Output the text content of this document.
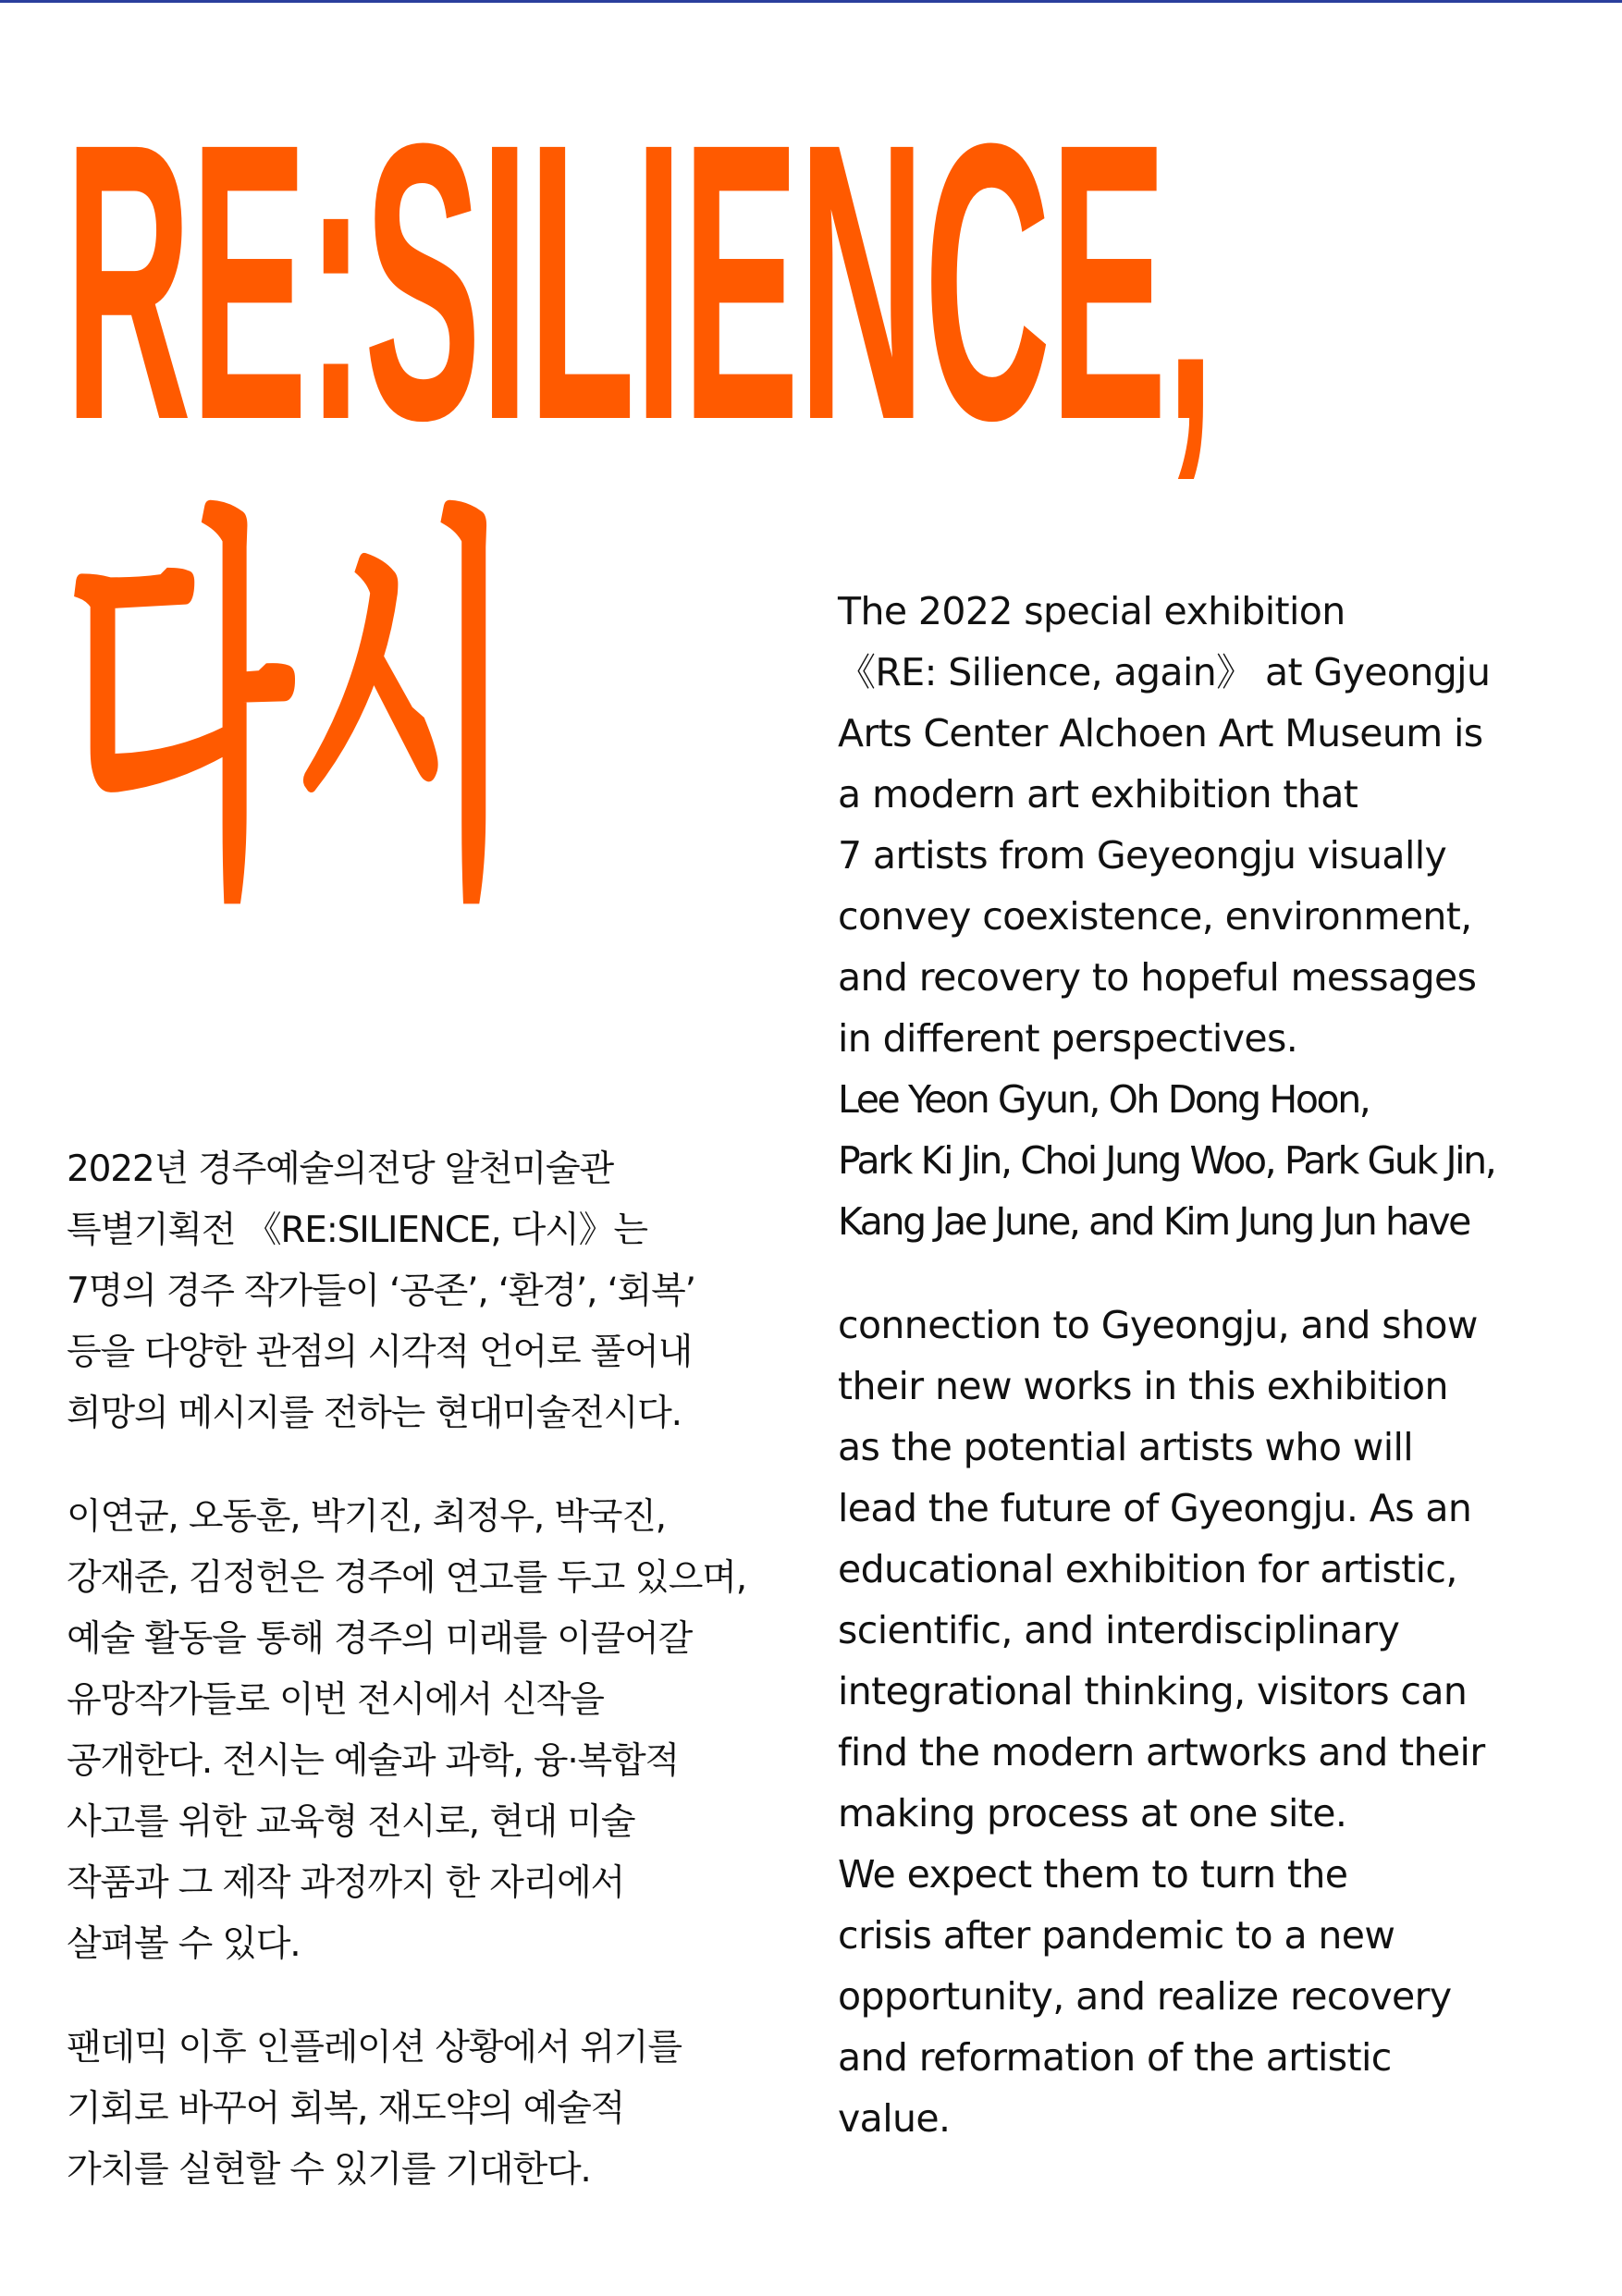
RE:SILIENCE,
다시

2022년 경주예술의전당 알천미술관
특별기획전 《RE:SILIENCE, 다시》는
7명의 경주 작가들이 ‘공존’, ‘환경’, ‘회복’
등을 다양한 관점의 시각적 언어로 풀어내
희망의 메시지를 전하는 현대미술전시다.

이연균, 오동훈, 박기진, 최정우, 박국진,
강재준, 김정헌은 경주에 연고를 두고 있으며,
예술 활동을 통해 경주의 미래를 이끌어갈
유망작가들로 이번 전시에서 신작을
공개한다. 전시는 예술과 과학, 융·복합적
사고를 위한 교육형 전시로, 현대 미술
작품과 그 제작 과정까지 한 자리에서
살펴볼 수 있다.

팬데믹 이후 인플레이션 상황에서 위기를
기회로 바꾸어 회복, 재도약의 예술적
가치를 실현할 수 있기를 기대한다.

The 2022 special exhibition
《RE: Silience, again》 at Gyeongju
Arts Center Alchoen Art Museum is
a modern art exhibition that
7 artists from Geyeongju visually
convey coexistence, environment,
and recovery to hopeful messages
in different perspectives.

Lee Yeon Gyun, Oh Dong Hoon,
Park Ki Jin, Choi Jung Woo, Park Guk Jin,
Kang Jae June, and Kim Jung Jun have

connection to Gyeongju, and show
their new works in this exhibition
as the potential artists who will
lead the future of Gyeongju. As an
educational exhibition for artistic,
scientific, and interdisciplinary
integrational thinking, visitors can
find the modern artworks and their
making process at one site.

We expect them to turn the
crisis after pandemic to a new
opportunity, and realize recovery
and reformation of the artistic
value.
